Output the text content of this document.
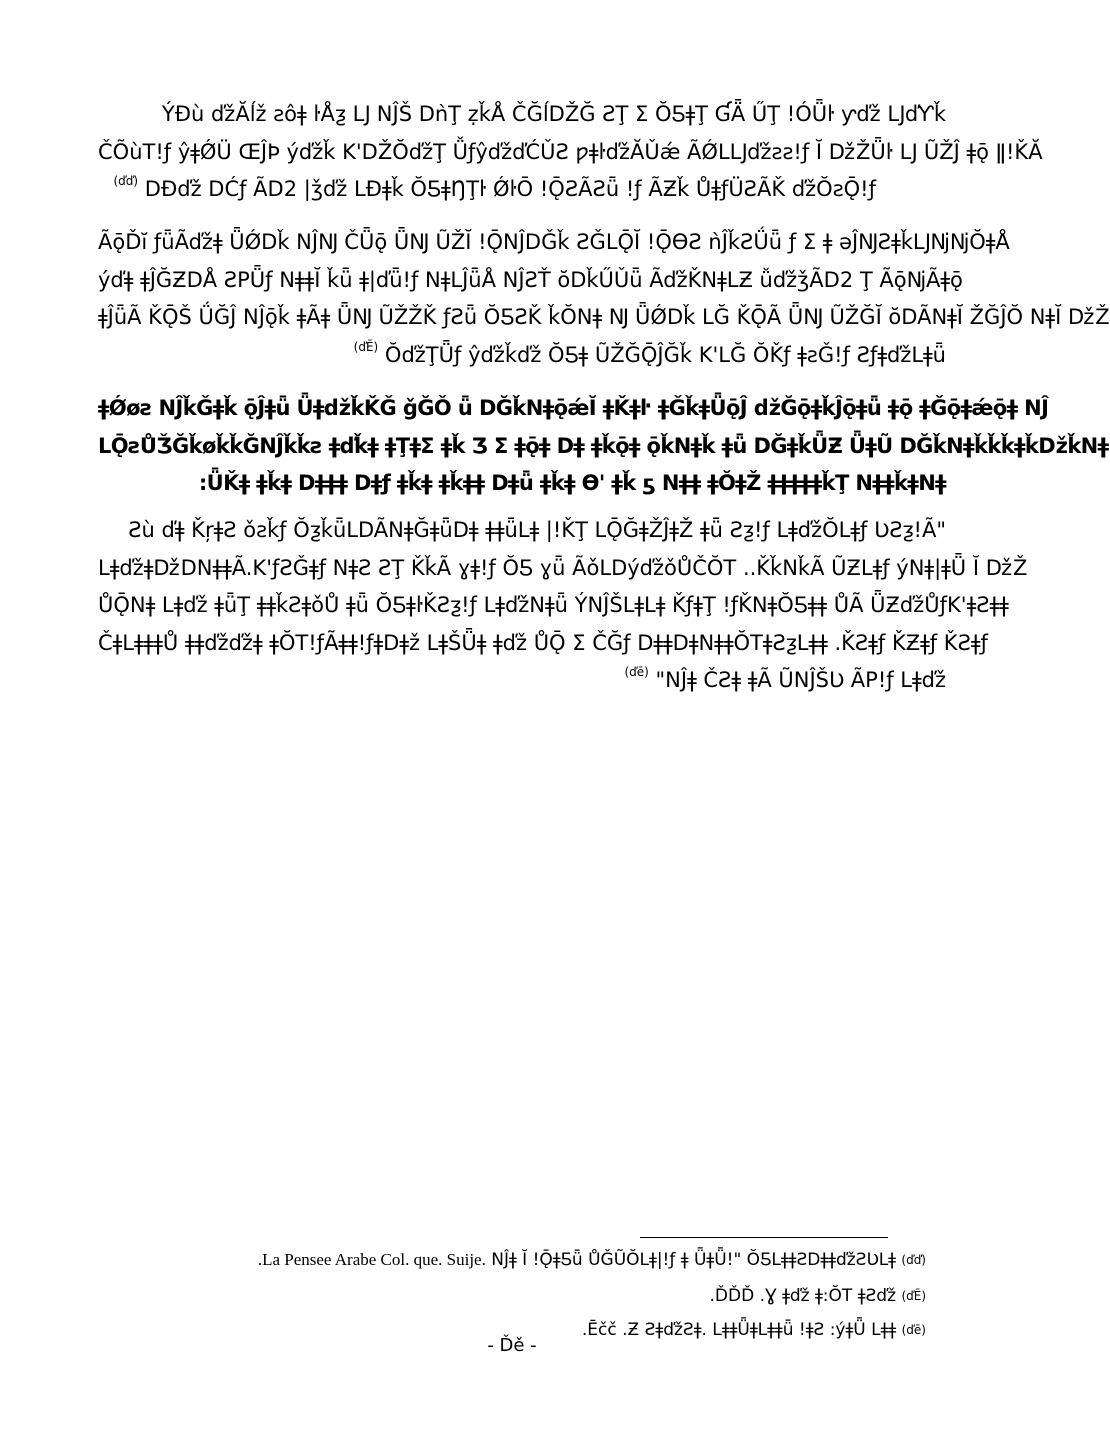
ÝÐù ďžĂĺž ƨôǂ ŀÅƺ Ǉ NĴŠ DǹŢ ẓǩÅ ČĞĺDŽĞ ƧŢ Ʃ ŎƼǂŢ ƓǞ ŰŢ !ÓǕŀ ƴďž ǇďƳǩ
ČÕùT!ƒ ŷǂǾÜ ŒĴÞ ýďžǩ K'DŽŎďžŢ ǙƒŷďžďĆǓƧ ƿǂŀďžĂǓǽ ÃǾLǇďžƨƨ!ƒ Ĭ ǅŽǕŀ Ǉ ŨŽĴ ǂǭ ǁ!ǨĂ
$^{(ďď)}$ DÐďž DĆƒ ÃD2 |ǯďž LÐǂǩ ŎƼǂŊŢŀ ǾŀŌ !ǬƧÃƧǖ !ƒ ÃƵǩ ŮǂƒÜƧÃǨ ďžŎƨǬ!ƒ
ÃǭĎĭ ƒǖÃďžǂ ǕǾDǩ NĴǊ ČǕǭ ǕǊ ŨŽĬ !ǬNĴDǦǩ ƧǦLǬĬ !ǬƟƧ ǹĴǩƧǗǖ ƒ Ʃ ǂ ǝĴǊƧǂǩǇǋǋŎǂÅ
ýďǂ ǂĴĞƵDÅ ƧPǕƒ NǂǂĬ ǩǖ ǂ|ďǖ!ƒ NǂLĴǖÅ NĴƧŤ ŏDǩŰǓǖ ÃďžǨNǂLƵ ǚďžǯÃD2 Ţ ÃǭǋÃǂǭ
ǂĴǖÃ ǨǬŠ ǗĞĴ NĴǭǩ ǂÃǂ ǕǊ ŨŽŽǨ ƒƧǖ ŎƼƧǨ ǩŎNǂ Ǌ ǕǾDǩ LĞ ǨǬÃ ǕǊ ŨŽĞĬ ŏDÃNǂĬ ŽĞĴŎ NǂĬ ǅŽ
$^{(ďĒ)}$ ŎďžŢǕƒ ŷďžǩďž ŎƼǂ ŨŽĞǬĴĞǩ K'LĞ ŎǨƒ ǂƨǦ!ƒ ƧƒǂďžLǂǖ
ǂǾøƨ NĴǩǦǂǩ ǭĴǂǖ ǕǂǆǩǨǦ ǧĞǑ ǖ DĞǩNǂǭǽĬ ǂǨǂŀ ǂǦǩǂǕǭĴ ǆĞǭǂǩĴǭǂǖ ǂǭ ǂǦǭǂǽǭǂ NĴ
LǬƨŮǮĞǩøǩǩĞNĴǩǩƨ ǂďǩǂ ǂŢǂƩ ǂǩ Ʒ Ʃ ǂǭǂ Dǂ ǂǩǭǂ ǭǩNǂǩ ǂǖ DĞǂǩǕƵ ǕǂŨ DĞǩNǂǩǩǩǂǩǅǩNǂ
:ǕǨǂ ǂǩǂ Dǂǂǂ Dǂƒ ǂǩǂ ǂǩǂǂ Dǂǖ ǂǩǂ Ɵ' ǂǩ ƽ Nǂǂ ǂŎǂŽ ǂǂǂǂǂǩŢ NǂǂǩǂNǂ
Ƨù ďǂ ǨŗǂƧ ǒƨǩƒ ŎƺǩǖLDÃNǂĞǂǖDǂ ǂǂǖLǂ |!ǨŢ LǬĞǂŽĴǂŽ ǂǖ Ƨƺ!ƒ LǂďžŎLǂƒ ƲƧƺ!Ã"
LǂďžǂǅDNǂǂÃ.K'ƒƧǦǂƒ NǂƧ ƧŢ ǨǩÃ ɣǂ!ƒ ŎƼ ɣǖ ÃǒLDýďžǒŮČŎT ..ǨǩNǩÃ ŨƵLǂƒ ýNǂ|ǂǕ Ĭ ǅŽ
ŮǬNǂ Lǂďž ǂǖŢ ǂǂǩƧǂǒŮ ǂǖ ŎƼǂŀǨƧƺ!ƒ LǂďžNǂǖ ÝNĴŠLǂLǂ ǨƒǂŢ !ƒǨNǂŎƼǂǂ ŮÃ ǕƵďžŮƒK'ǂƧǂǂ
ČǂLǂǂǂŮ ǂǂďžďžǂ ǂŎT!ƒÃǂǂ!ƒǂDǂž LǂŠǕǂ ǂďž ŮǬ Ʃ ČĞƒ DǂǂDǂNǂǂŎTǂƧƺLǂǂ .ǨƧǂƒ ǨƵǂƒ ǨƧǂƒ
$^{(ďē)}$ "NĴǂ ČƧǂ ǂÃ ŨNĴŠƲ ÃP!ƒ Lǂďž
.La Pensee Arabe Col. que. Suije. NĴǂ Ĭ !ǬǂƼǖ ŮǦŨŎLǂ|!ƒ ǂ ǕǂǕ!" ŎƼLǂǂƧDǂǂďžƧƲLǂ $^{(ďď)}$
.ĎĎĎ .Ɣ ǂďž ǂ:ŎT ǂƧďž $^{(ďĒ)}$
.Ēčč .Ƶ ƧǂďžƧǂ. LǂǂǕǂLǂǂǖ !ǂƧ :ýǂǕ Lǂǂ $^{(ďē)}$
- Ďě -
